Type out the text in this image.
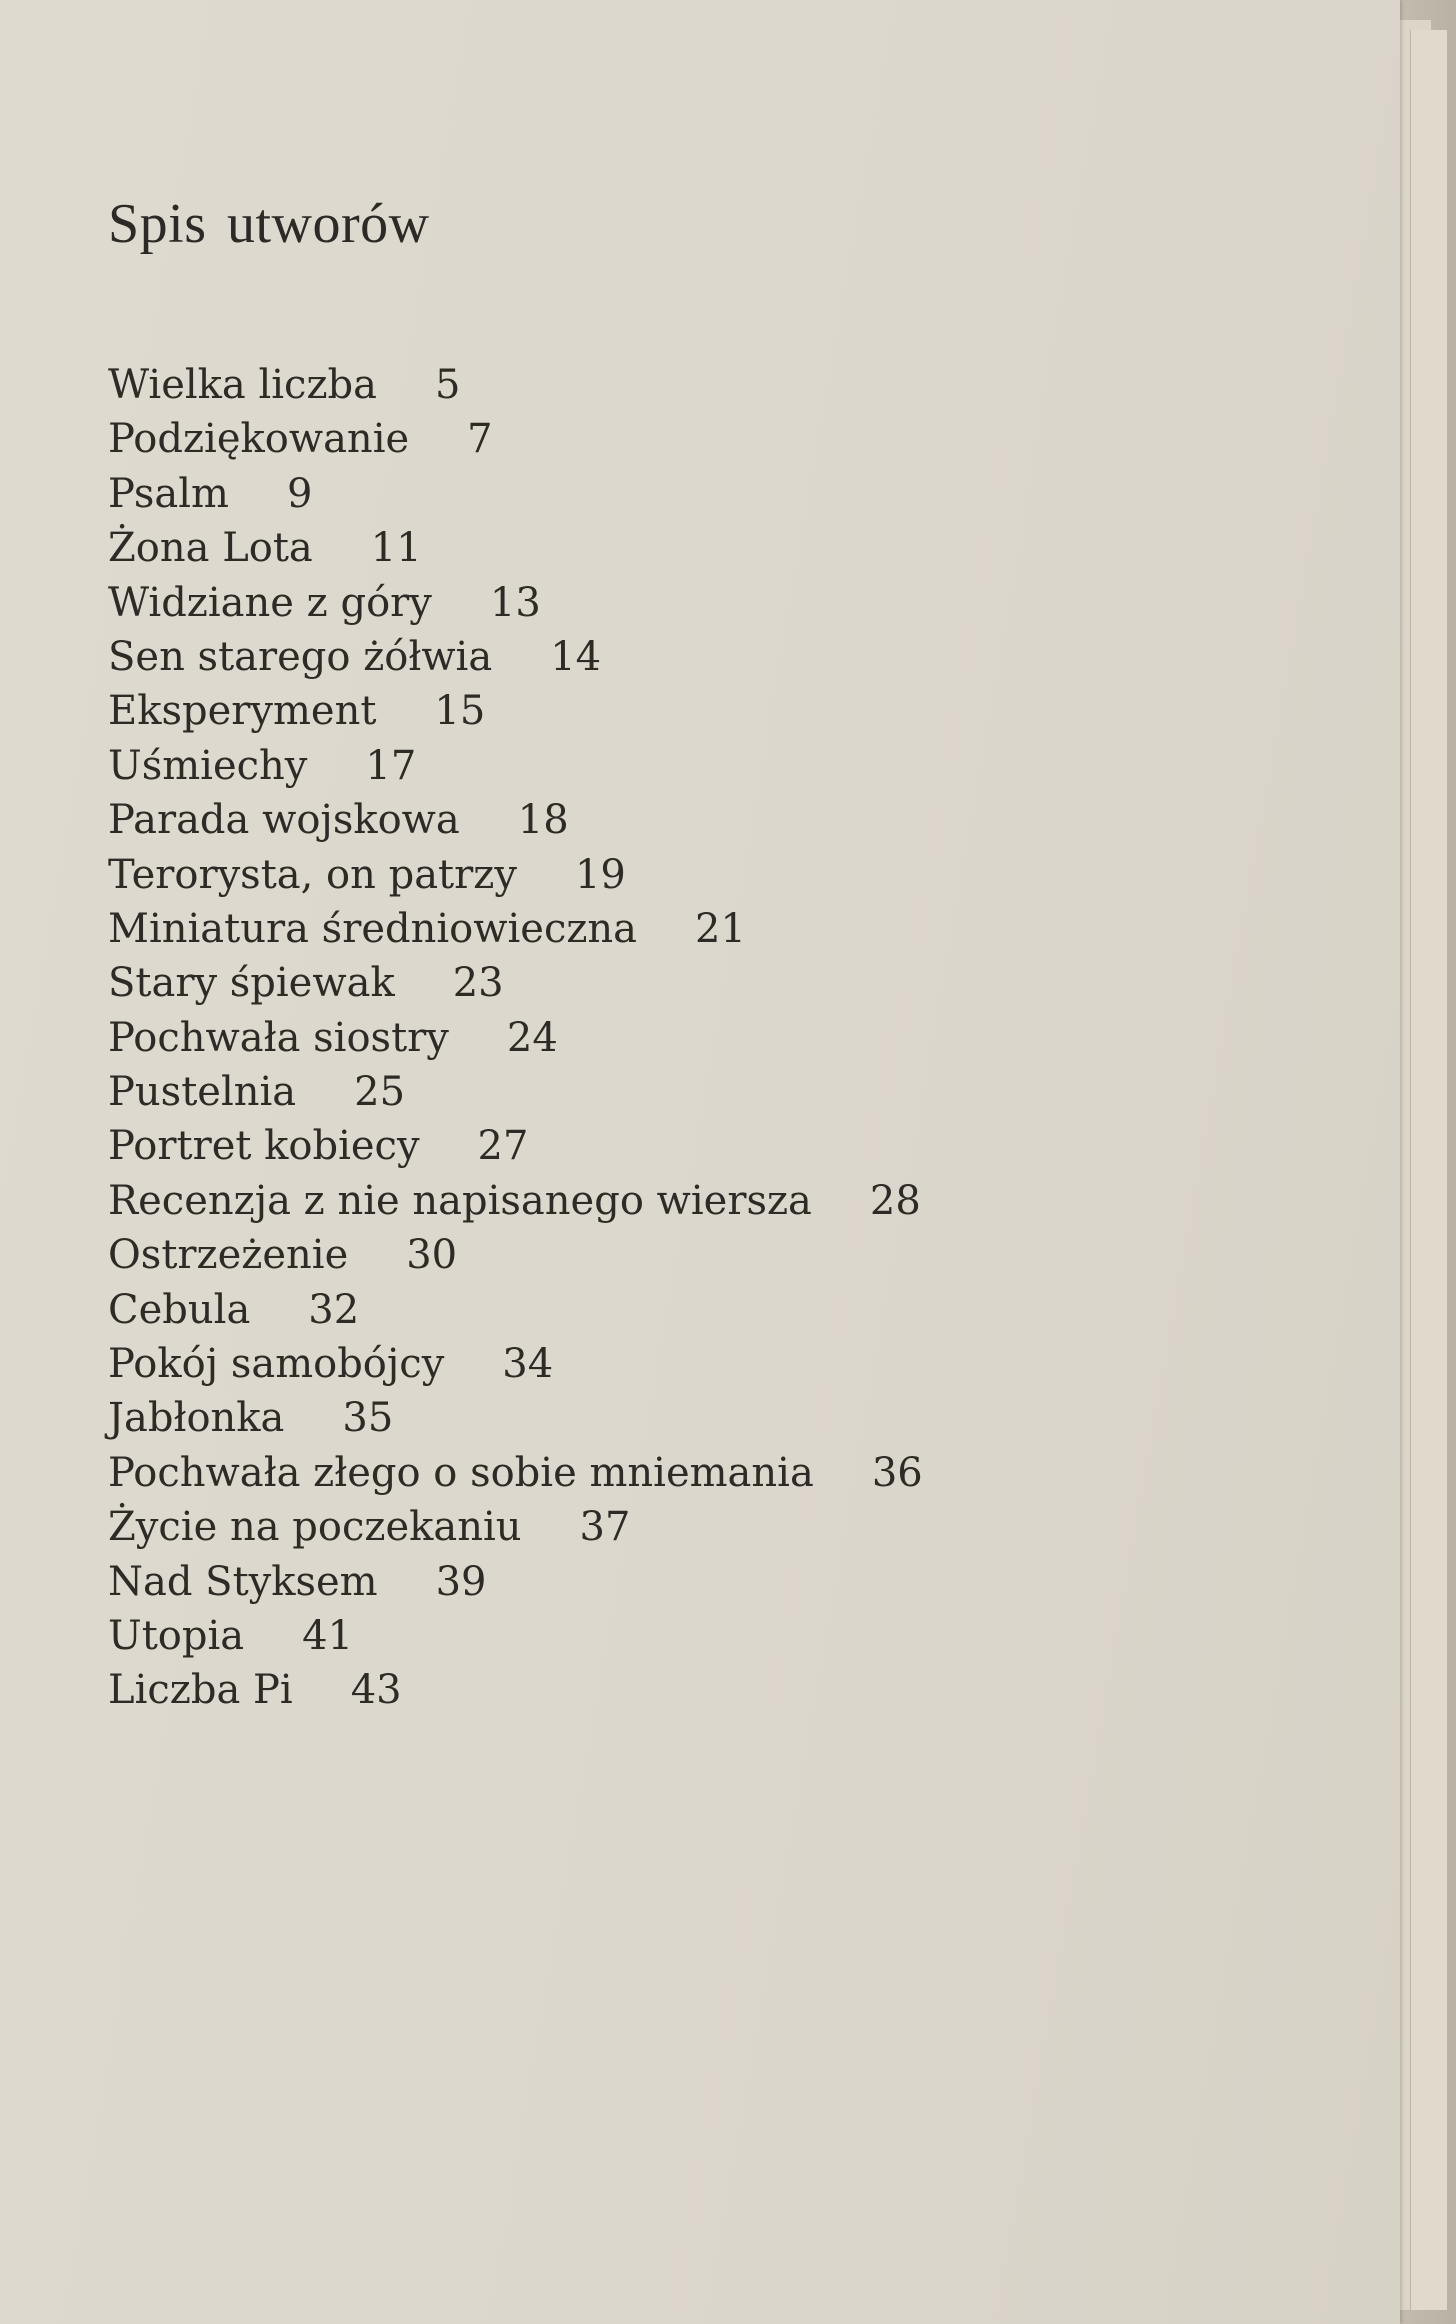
Spis utworów
Wielka liczba 5
Podziękowanie 7
Psalm 9
Żona Lota 11
Widziane z góry 13
Sen starego żółwia 14
Eksperyment 15
Uśmiechy 17
Parada wojskowa 18
Terorysta, on patrzy 19
Miniatura średniowieczna 21
Stary śpiewak 23
Pochwała siostry 24
Pustelnia 25
Portret kobiecy 27
Recenzja z nie napisanego wiersza 28
Ostrzeżenie 30
Cebula 32
Pokój samobójcy 34
Jabłonka 35
Pochwała złego o sobie mniemania 36
Życie na poczekaniu 37
Nad Styksem 39
Utopia 41
Liczba Pi 43
